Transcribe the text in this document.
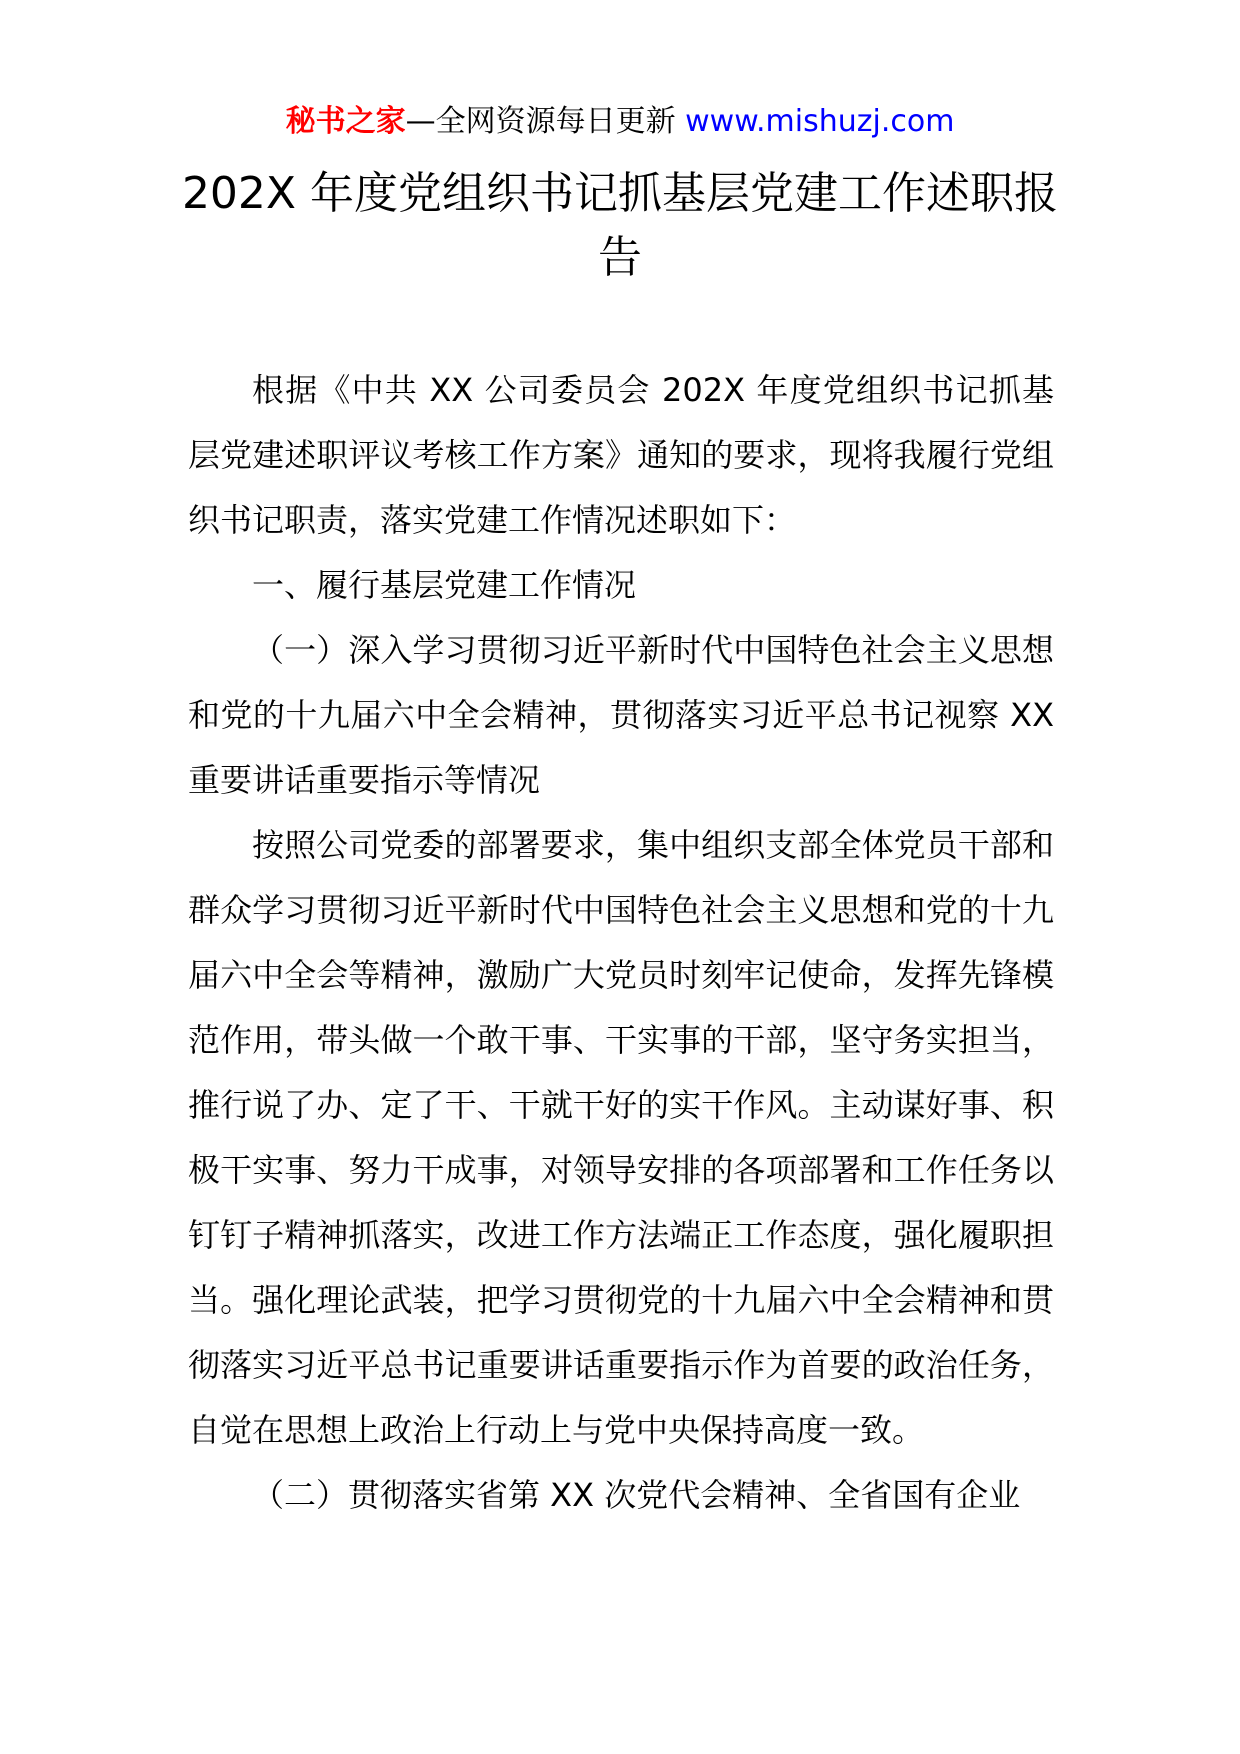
秘书之家—全网资源每日更新 www.mishuzj.com
202X 年度党组织书记抓基层党建工作述职报告

根据《中共 XX 公司委员会 202X 年度党组织书记抓基层党建述职评议考核工作方案》通知的要求，现将我履行党组织书记职责，落实党建工作情况述职如下：

一、履行基层党建工作情况

（一）深入学习贯彻习近平新时代中国特色社会主义思想和党的十九届六中全会精神，贯彻落实习近平总书记视察 XX 重要讲话重要指示等情况

按照公司党委的部署要求，集中组织支部全体党员干部和群众学习贯彻习近平新时代中国特色社会主义思想和党的十九届六中全会等精神，激励广大党员时刻牢记使命，发挥先锋模范作用，带头做一个敢干事、干实事的干部，坚守务实担当，推行说了办、定了干、干就干好的实干作风。主动谋好事、积极干实事、努力干成事，对领导安排的各项部署和工作任务以钉钉子精神抓落实，改进工作方法端正工作态度，强化履职担当。强化理论武装，把学习贯彻党的十九届六中全会精神和贯彻落实习近平总书记重要讲话重要指示作为首要的政治任务，自觉在思想上政治上行动上与党中央保持高度一致。

（二）贯彻落实省第 XX 次党代会精神、全省国有企业
